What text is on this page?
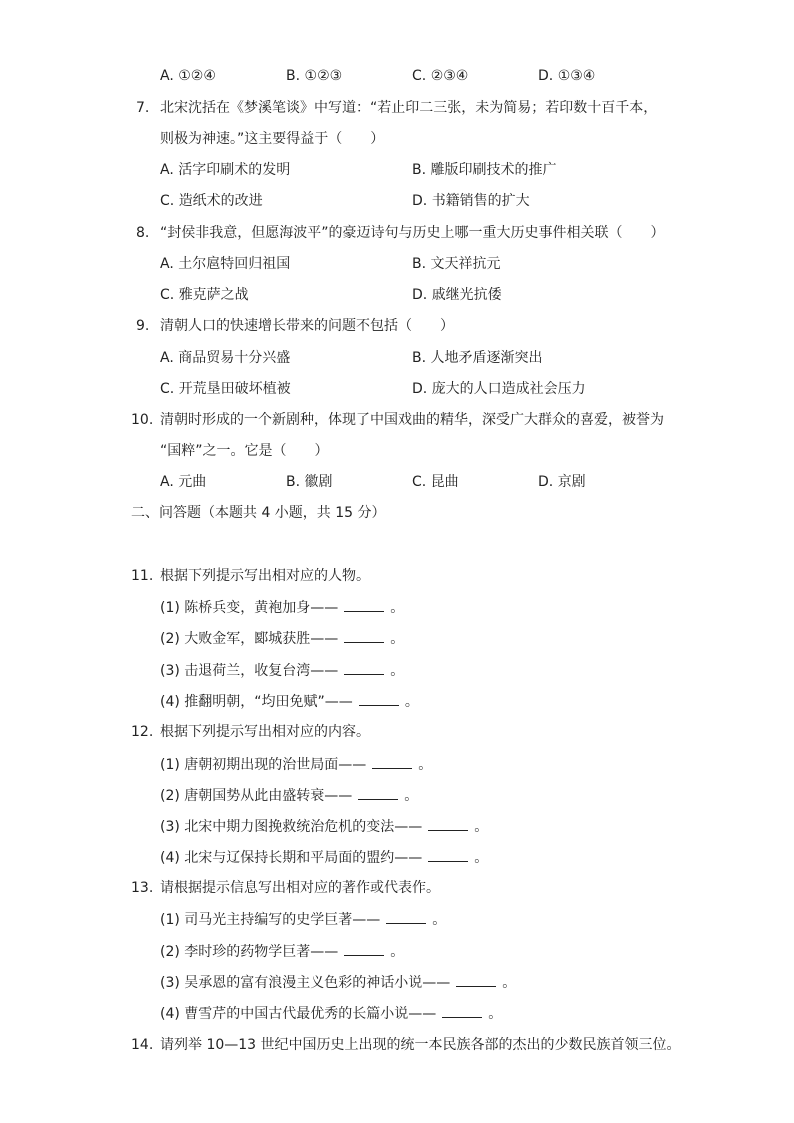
A. ①②④	B. ①②③	C. ②③④	D. ①③④
7. 北宋沈括在《梦溪笔谈》中写道：“若止印二三张，未为简易；若印数十百千本，
则极为神速。”这主要得益于（　　）
A. 活字印刷术的发明	B. 雕版印刷技术的推广
C. 造纸术的改进	D. 书籍销售的扩大
8. “封侯非我意，但愿海波平”的豪迈诗句与历史上哪一重大历史事件相关联（　　）
A. 土尔扈特回归祖国	B. 文天祥抗元
C. 雅克萨之战	D. 戚继光抗倭
9. 清朝人口的快速增长带来的问题不包括（　　）
A. 商品贸易十分兴盛	B. 人地矛盾逐渐突出
C. 开荒垦田破坏植被	D. 庞大的人口造成社会压力
10. 清朝时形成的一个新剧种，体现了中国戏曲的精华，深受广大群众的喜爱，被誉为
“国粹”之一。它是（　　）
A. 元曲	B. 徽剧	C. 昆曲	D. 京剧
二、问答题（本题共 4 小题，共 15 分）
11. 根据下列提示写出相对应的人物。
(1) 陈桥兵变，黄袍加身——	。
(2) 大败金军，郾城获胜——	。
(3) 击退荷兰，收复台湾——	。
(4) 推翻明朝，“均田免赋”——	。
12. 根据下列提示写出相对应的内容。
(1) 唐朝初期出现的治世局面——	。
(2) 唐朝国势从此由盛转衰——	。
(3) 北宋中期力图挽救统治危机的变法——	。
(4) 北宋与辽保持长期和平局面的盟约——	。
13. 请根据提示信息写出相对应的著作或代表作。
(1) 司马光主持编写的史学巨著——	。
(2) 李时珍的药物学巨著——	。
(3) 吴承恩的富有浪漫主义色彩的神话小说——	。
(4) 曹雪芹的中国古代最优秀的长篇小说——	。
14. 请列举 10—13 世纪中国历史上出现的统一本民族各部的杰出的少数民族首领三位。
